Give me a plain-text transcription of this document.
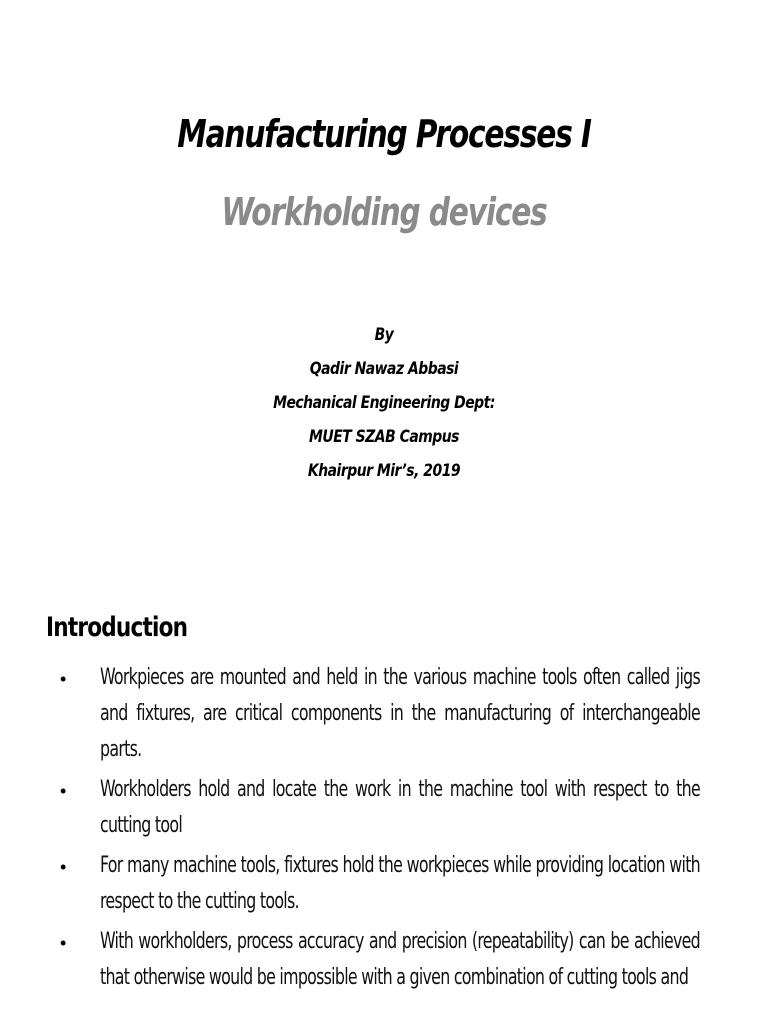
Manufacturing Processes I
Workholding devices
By
Qadir Nawaz Abbasi
Mechanical Engineering Dept:
MUET SZAB Campus
Khairpur Mir’s, 2019
Introduction
• Workpieces are mounted and held in the various machine tools often called jigs and fixtures, are critical components in the manufacturing of interchangeable parts.
• Workholders hold and locate the work in the machine tool with respect to the cutting tool
• For many machine tools, fixtures hold the workpieces while providing location with respect to the cutting tools.
• With workholders, process accuracy and precision (repeatability) can be achieved that otherwise would be impossible with a given combination of cutting tools and
